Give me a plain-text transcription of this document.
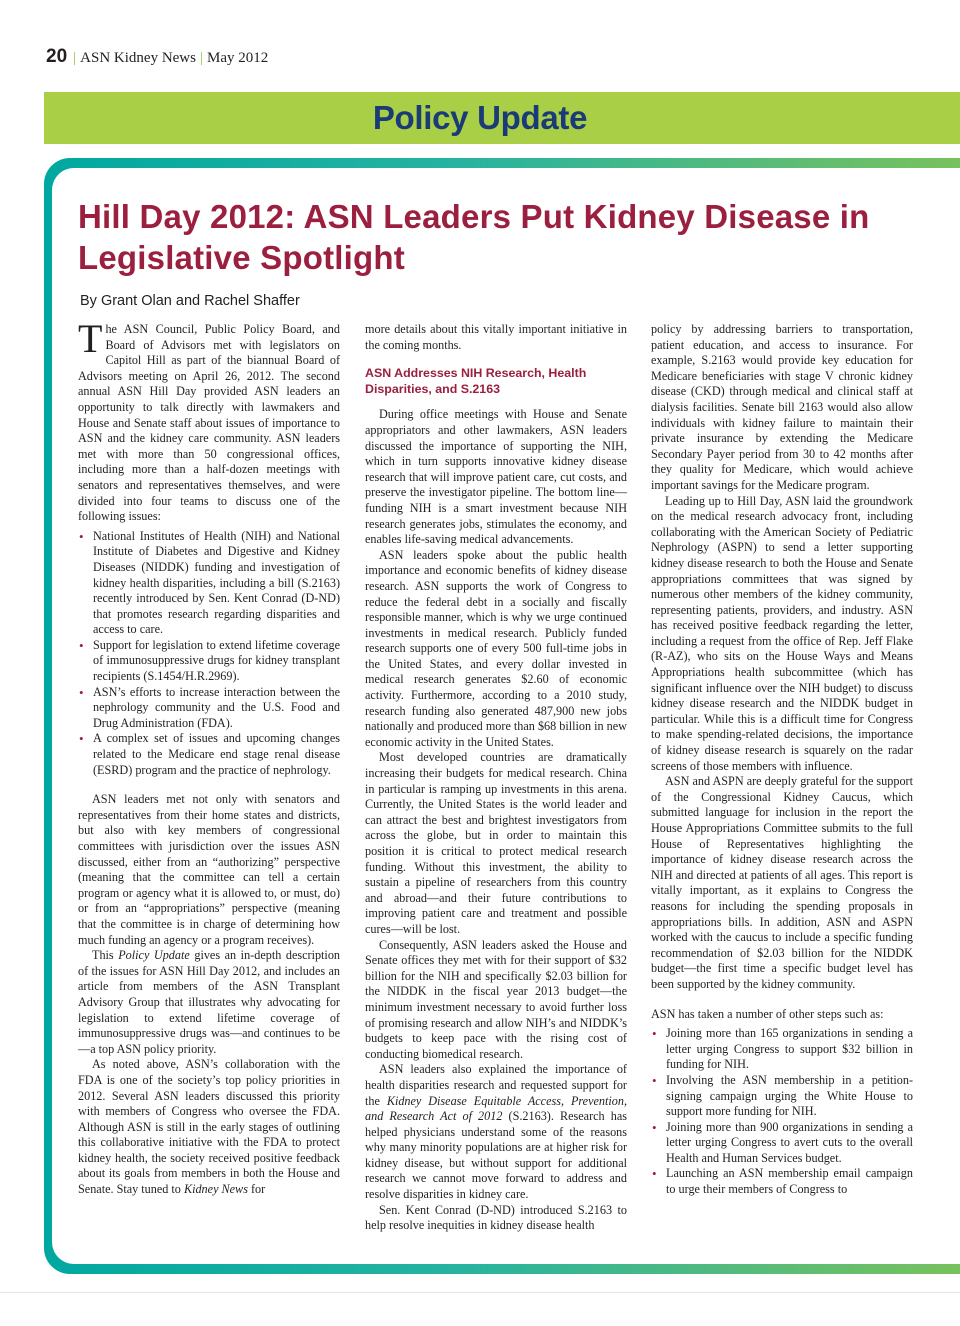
20 | ASN Kidney News | May 2012
Policy Update
Hill Day 2012: ASN Leaders Put Kidney Disease in Legislative Spotlight
By Grant Olan and Rachel Shaffer

The ASN Council, Public Policy Board, and Board of Advisors met with legislators on Capitol Hill as part of the biannual Board of Advisors meeting on April 26, 2012. The second annual ASN Hill Day provided ASN leaders an opportunity to talk directly with lawmakers and House and Senate staff about issues of importance to ASN and the kidney care community. ASN leaders met with more than 50 congressional offices, including more than a half-dozen meetings with senators and representatives themselves, and were divided into four teams to discuss one of the following issues:

• National Institutes of Health (NIH) and National Institute of Diabetes and Digestive and Kidney Diseases (NIDDK) funding and investigation of kidney health disparities, including a bill (S.2163) recently introduced by Sen. Kent Conrad (D-ND) that promotes research regarding disparities and access to care.
• Support for legislation to extend lifetime coverage of immunosuppressive drugs for kidney transplant recipients (S.1454/H.R.2969).
• ASN’s efforts to increase interaction between the nephrology community and the U.S. Food and Drug Administration (FDA).
• A complex set of issues and upcoming changes related to the Medicare end stage renal disease (ESRD) program and the practice of nephrology.

ASN leaders met not only with senators and representatives from their home states and districts, but also with key members of congressional committees with jurisdiction over the issues ASN discussed, either from an “authorizing” perspective (meaning that the committee can tell a certain program or agency what it is allowed to, or must, do) or from an “appropriations” perspective (meaning that the committee is in charge of determining how much funding an agency or a program receives).

This Policy Update gives an in-depth description of the issues for ASN Hill Day 2012, and includes an article from members of the ASN Transplant Advisory Group that illustrates why advocating for legislation to extend lifetime coverage of immunosuppressive drugs was—and continues to be—a top ASN policy priority.

As noted above, ASN’s collaboration with the FDA is one of the society’s top policy priorities in 2012. Several ASN leaders discussed this priority with members of Congress who oversee the FDA. Although ASN is still in the early stages of outlining this collaborative initiative with the FDA to protect kidney health, the society received positive feedback about its goals from members in both the House and Senate. Stay tuned to Kidney News for

more details about this vitally important initiative in the coming months.

ASN Addresses NIH Research, Health Disparities, and S.2163

During office meetings with House and Senate appropriators and other lawmakers, ASN leaders discussed the importance of supporting the NIH, which in turn supports innovative kidney disease research that will improve patient care, cut costs, and preserve the investigator pipeline. The bottom line—funding NIH is a smart investment because NIH research generates jobs, stimulates the economy, and enables life-saving medical advancements.

ASN leaders spoke about the public health importance and economic benefits of kidney disease research. ASN supports the work of Congress to reduce the federal debt in a socially and fiscally responsible manner, which is why we urge continued investments in medical research. Publicly funded research supports one of every 500 full-time jobs in the United States, and every dollar invested in medical research generates $2.60 of economic activity. Furthermore, according to a 2010 study, research funding also generated 487,900 new jobs nationally and produced more than $68 billion in new economic activity in the United States.

Most developed countries are dramatically increasing their budgets for medical research. China in particular is ramping up investments in this arena. Currently, the United States is the world leader and can attract the best and brightest investigators from across the globe, but in order to maintain this position it is critical to protect medical research funding. Without this investment, the ability to sustain a pipeline of researchers from this country and abroad—and their future contributions to improving patient care and treatment and possible cures—will be lost.

Consequently, ASN leaders asked the House and Senate offices they met with for their support of $32 billion for the NIH and specifically $2.03 billion for the NIDDK in the fiscal year 2013 budget—the minimum investment necessary to avoid further loss of promising research and allow NIH’s and NIDDK’s budgets to keep pace with the rising cost of conducting biomedical research.

ASN leaders also explained the importance of health disparities research and requested support for the Kidney Disease Equitable Access, Prevention, and Research Act of 2012 (S.2163). Research has helped physicians understand some of the reasons why many minority populations are at higher risk for kidney disease, but without support for additional research we cannot move forward to address and resolve disparities in kidney care.

Sen. Kent Conrad (D-ND) introduced S.2163 to help resolve inequities in kidney disease health

policy by addressing barriers to transportation, patient education, and access to insurance. For example, S.2163 would provide key education for Medicare beneficiaries with stage V chronic kidney disease (CKD) through medical and clinical staff at dialysis facilities. Senate bill 2163 would also allow individuals with kidney failure to maintain their private insurance by extending the Medicare Secondary Payer period from 30 to 42 months after they quality for Medicare, which would achieve important savings for the Medicare program.

Leading up to Hill Day, ASN laid the groundwork on the medical research advocacy front, including collaborating with the American Society of Pediatric Nephrology (ASPN) to send a letter supporting kidney disease research to both the House and Senate appropriations committees that was signed by numerous other members of the kidney community, representing patients, providers, and industry. ASN has received positive feedback regarding the letter, including a request from the office of Rep. Jeff Flake (R-AZ), who sits on the House Ways and Means Appropriations health subcommittee (which has significant influence over the NIH budget) to discuss kidney disease research and the NIDDK budget in particular. While this is a difficult time for Congress to make spending-related decisions, the importance of kidney disease research is squarely on the radar screens of those members with influence.

ASN and ASPN are deeply grateful for the support of the Congressional Kidney Caucus, which submitted language for inclusion in the report the House Appropriations Committee submits to the full House of Representatives highlighting the importance of kidney disease research across the NIH and directed at patients of all ages. This report is vitally important, as it explains to Congress the reasons for including the spending proposals in appropriations bills. In addition, ASN and ASPN worked with the caucus to include a specific funding recommendation of $2.03 billion for the NIDDK budget—the first time a specific budget level has been supported by the kidney community.

ASN has taken a number of other steps such as:

• Joining more than 165 organizations in sending a letter urging Congress to support $32 billion in funding for NIH.
• Involving the ASN membership in a petition-signing campaign urging the White House to support more funding for NIH.
• Joining more than 900 organizations in sending a letter urging Congress to avert cuts to the overall Health and Human Services budget.
• Launching an ASN membership email campaign to urge their members of Congress to
